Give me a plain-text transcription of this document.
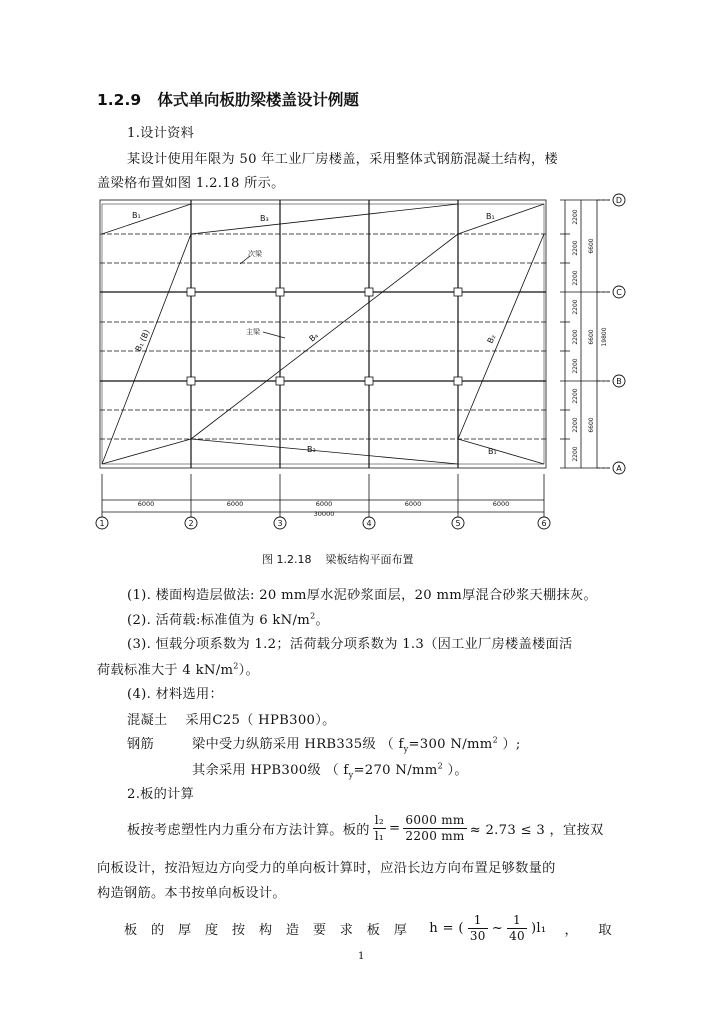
1.2.9 体式单向板肋梁楼盖设计例题
1.设计资料
某设计使用年限为 50 年工业厂房楼盖，采用整体式钢筋混凝土结构，楼
盖梁格布置如图 1.2.18 所示。
1	2	3	4	5	6
D
C
B
A
6000	6000	6000	6000	6000
30000
2200
2200
2200
2200
2200
2200
2200
2200
2200
6600
6600
6600
19800
B₁	B₃	B₁
B₃	B₁
B₁ (B)	B₄	B₂
次梁
主梁
图 1.2.18 梁板结构平面布置
(1). 楼面构造层做法: 20 mm厚水泥砂浆面层，20 mm厚混合砂浆天棚抹灰。
(2). 活荷载:标准值为 6 $kN/m^2$。
(3). 恒载分项系数为 1.2；活荷载分项系数为 1.3（因工业厂房楼盖楼面活
荷载标准大于 4 $kN/m^2$）。
(4). 材料选用：
混凝土 采用C25（ HPB300）。
钢筋	梁中受力纵筋采用 HRB335级 （ $f_y=300$ $N/mm^2$ ）;
其余采用 HPB300级 （ $f_y=270$ $N/mm^2$ ）。
2.板的计算
板按考虑塑性内力重分布方法计算。板的 $\frac{\text{l₂}}{\text{l₁}} = \frac{6000 mm}{2200 mm} \approx 2.73 \le 3$ ，宜按双
向板设计，按沿短边方向受力的单向板计算时，应沿长边方向布置足够数量的
构造钢筋。本书按单向板设计。
板　的　厚　度　按　构　造　要　求　板　厚 h = ( $\frac{1}{30}$ ~ $\frac{1}{40} )l_1$ ，　　取
1
